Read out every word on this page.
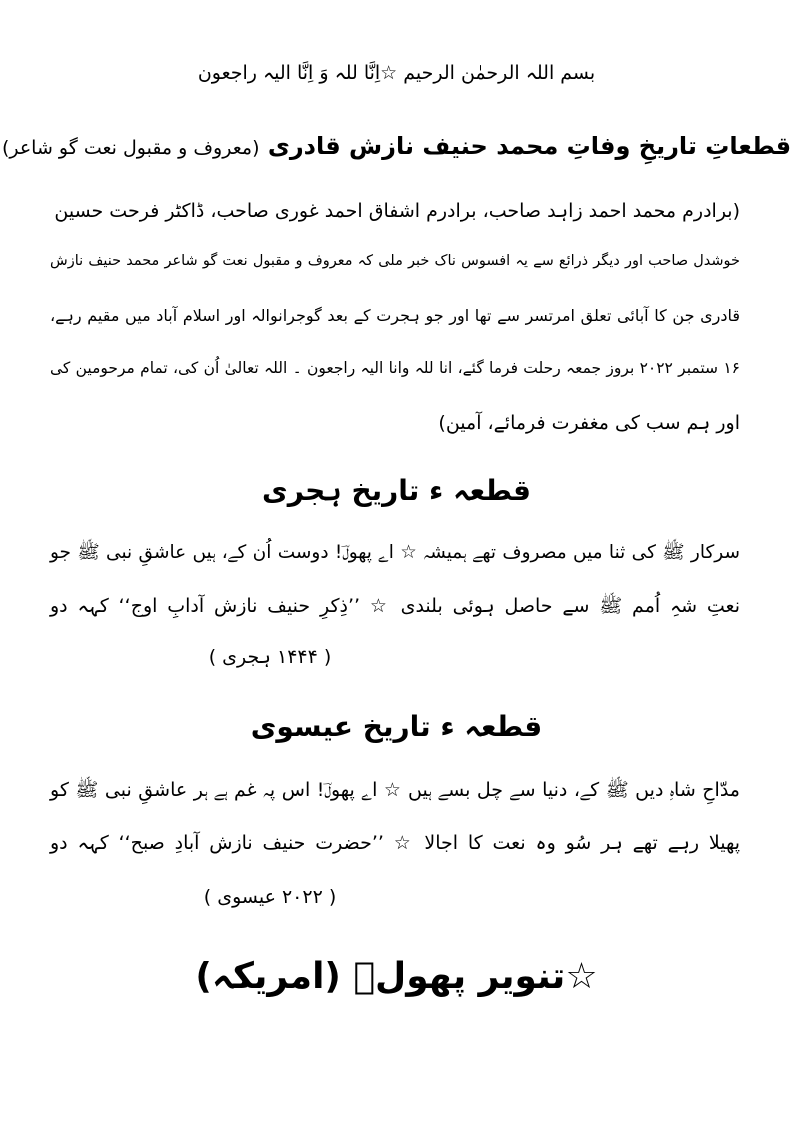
بسم اللہ الرحمٰن الرحیم ☆اِنَّا للہ وَ اِنَّا الیہ راجعون
قطعاتِ تاریخِ وفاتِ محمد حنیف نازش قادری (معروف و مقبول نعت گو شاعر)
(برادرم محمد احمد زاہد صاحب، برادرم اشفاق احمد غوری صاحب، ڈاکٹر فرحت حسین
خوشدل صاحب اور دیگر ذرائع سے یہ افسوس ناک خبر ملی کہ معروف و مقبول نعت گو شاعر محمد حنیف نازش
قادری جن کا آبائی تعلق امرتسر سے تھا اور جو ہجرت کے بعد گوجرانوالہ اور اسلام آباد میں مقیم رہے،
۱۶ ستمبر ۲۰۲۲ بروز جمعہ رحلت فرما گئے، انا للہ وانا الیہ راجعون ۔ اللہ تعالیٰ اُن کی، تمام مرحومین کی
اور ہم سب کی مغفرت فرمائے، آمین)
قطعہ ء تاریخ ہجری
سرکار ﷺ کی ثنا میں مصروف تھے ہمیشہ ☆ اے پھولؔ! دوست اُن کے، ہیں عاشقِ نبی ﷺ جو
نعتِ شہِ اُمم ﷺ سے حاصل ہوئی بلندی ☆ ’’ذِکرِ حنیف نازش آدابِ اوج‘‘ کہہ دو
( ۱۴۴۴ ہجری )
قطعہ ء تاریخ عیسوی
مدّاحِ شاہِ دیں ﷺ کے، دنیا سے چل بسے ہیں ☆ اے پھولؔ! اس پہ غم ہے ہر عاشقِ نبی ﷺ کو
پھیلا رہے تھے ہر سُو وہ نعت کا اجالا ☆ ’’حضرت حنیف نازش آبادِ صبح‘‘ کہہ دو
( ۲۰۲۲ عیسوی )
☆تنویر پھولؔ (امریکہ)
